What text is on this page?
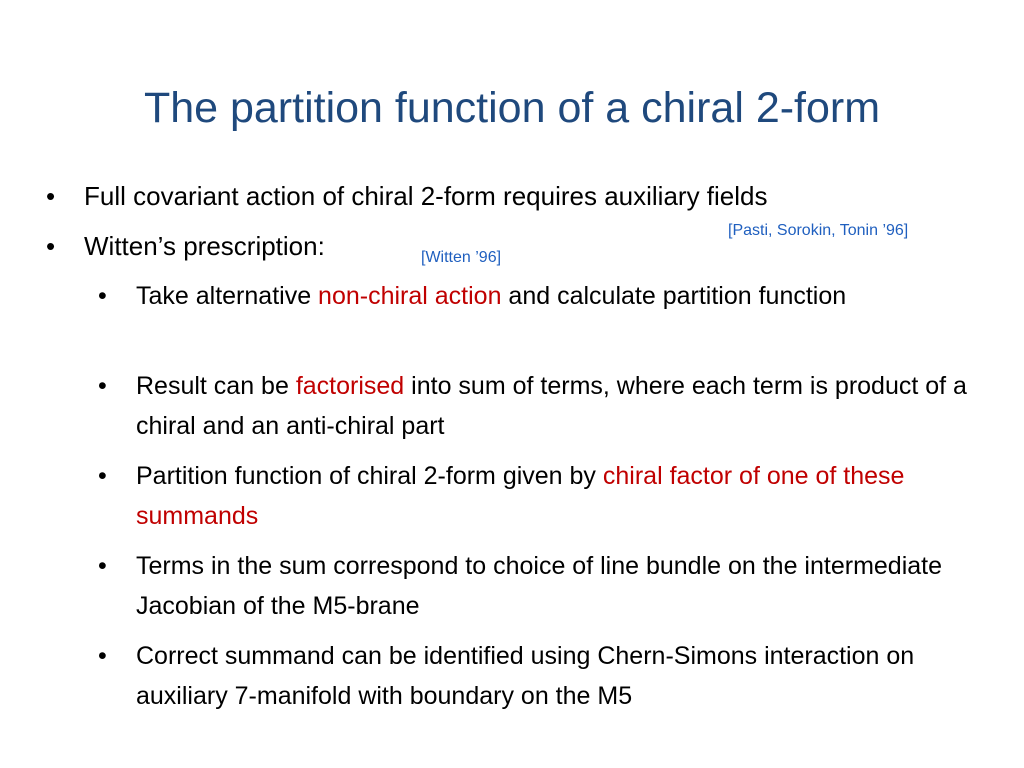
The partition function of a chiral 2-form
• Full covariant action of chiral 2-form requires auxiliary fields
[Pasti, Sorokin, Tonin ’96]
• Witten’s prescription:	[Witten ’96]
• Take alternative non-chiral action and calculate partition function
• Result can be factorised into sum of terms, where each term is product of a chiral and an anti-chiral part
• Partition function of chiral 2-form given by chiral factor of one of these summands
• Terms in the sum correspond to choice of line bundle on the intermediate Jacobian of the M5-brane
• Correct summand can be identified using Chern-Simons interaction on auxiliary 7-manifold with boundary on the M5
